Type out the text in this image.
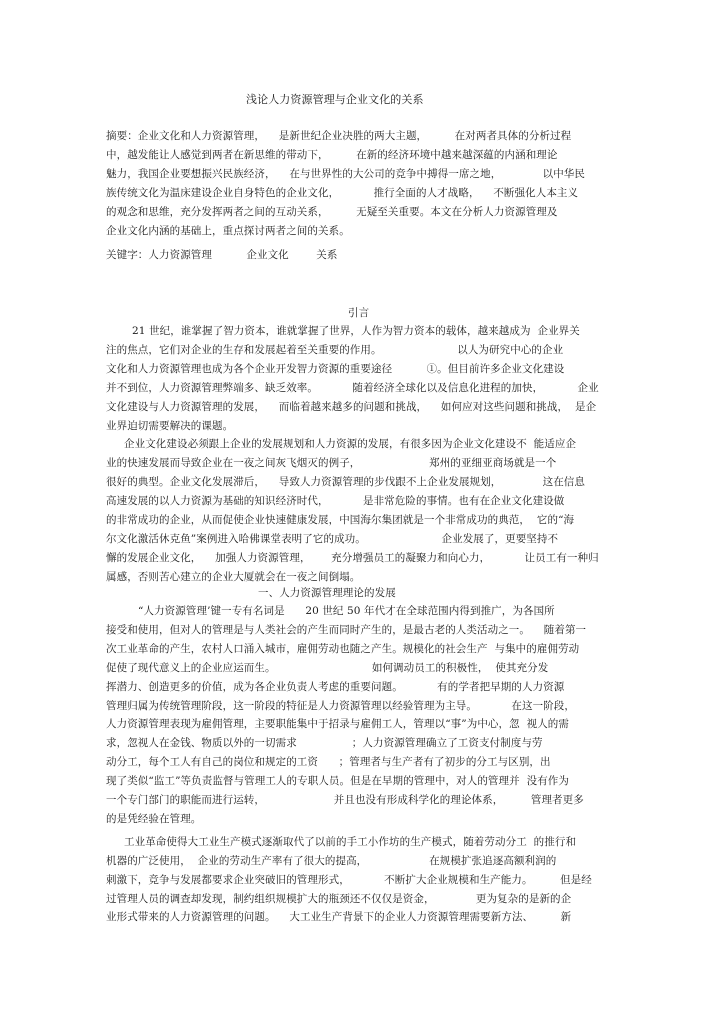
浅论人力资源管理与企业文化的关系
摘要：企业文化和人力资源管理，    是新世纪企业决胜的两大主题，        在对两者具体的分析过程
中，越发能让人感觉到两者在新思维的带动下，        在新的经济环境中越来越深蕴的内涵和理论
魅力，我国企业要想振兴民族经济，    在与世界性的大公司的竞争中搏得一席之地，            以中华民
族传统文化为温床建设企业自身特色的企业文化，          推行全面的人才战略，    不断强化人本主义
的观念和思维，充分发挥两者之间的互动关系，        无疑至关重要。本文在分析人力资源管理及
企业文化内涵的基础上，重点探讨两者之间的关系。
关键字：人力资源管理          企业文化        关系
引言
21 世纪，谁掌握了智力资本，谁就掌握了世界，人作为智力资本的载体，越来越成为  企业界关
注的焦点，它们对企业的生存和发展起着至关重要的作用。                      以人为研究中心的企业
文化和人力资源管理也成为各个企业开发智力资源的重要途径          ①。但目前许多企业文化建设
并不到位，人力资源管理弊端多、缺乏效率。          随着经济全球化以及信息化进程的加快，          企业
文化建设与人力资源管理的发展，    而临着越来越多的问题和挑战，    如何应对这些问题和挑战，  是企
业界迫切需要解决的课题。
企业文化建设必须跟上企业的发展规划和人力资源的发展，有很多因为企业文化建设不  能适应企
业的快速发展而导致企业在一夜之间灰飞烟灭的例子，                    郑州的亚细亚商场就是一个
很好的典型。企业文化发展滞后，    导致人力资源管理的步伐跟不上企业发展规划，            这在信息
高速发展的以人力资源为基础的知识经济时代，          是非常危险的事情。也有在企业文化建设做
的非常成功的企业，从而促使企业快速健康发展，中国海尔集团就是一个非常成功的典范，  它的“海
尔文化激活休克鱼”案例进入哈佛课堂表明了它的成功。                      企业发展了，更要坚持不
懈的发展企业文化，    加强人力资源管理，      充分增强员工的凝聚力和向心力，          让员工有一种归
属感，否则苦心建立的企业大厦就会在一夜之间倒塌。
一、人力资源管理理论的发展
“人力资源管理’键一专有名词是      20 世纪 50 年代才在全球范围内得到推广，为各国所
接受和使用，但对人的管理是与人类社会的产生而同时产生的，是最古老的人类活动之一。    随着第一
次工业革命的产生，农村人口涌入城市，雇佣劳动也随之产生。规模化的社会生产  与集中的雇佣劳动
促使了现代意义上的企业应运而生。                            如何调动员工的积极性，  使其充分发
挥潜力、创造更多的价值，成为各企业负责人考虑的重要问题。          有的学者把早期的人力资源
管理归属为传统管理阶段，这一阶段的特征是人力资源管理以经验管理为主导。          在这一阶段，
人力资源管理表现为雇佣管理，主要职能集中于招录与雇佣工人，管理以“事”为中心，忽  视人的需
求，忽视人在金钱、物质以外的一切需求                ；人力资源管理确立了工资支付制度与劳
动分工，每个工人有自己的岗位和规定的工资      ；管理者与生产者有了初步的分工与区别，出
现了类似“监工”等负责监督与管理工人的专职人员。但是在早期的管理中，对人的管理并  没有作为
一个专门部门的职能而进行运转，                    并且也没有形成科学化的理论体系，        管理者更多
的是凭经验在管理。
工业革命使得大工业生产模式逐渐取代了以前的手工小作坊的生产模式，随着劳动分工  的推行和
机器的广泛使用，  企业的劳动生产率有了很大的提高，                  在规模扩张追逐高额利润的
刺激下，竞争与发展都要求企业突破旧的管理形式，          不断扩大企业规模和生产能力。        但是经
过管理人员的调查却发现，制约组织规模扩大的瓶颈还不仅仅是资金，            更为复杂的是新的企
业形式带来的人力资源管理的问题。    大工业生产背景下的企业人力资源管理需要新方法、        新
